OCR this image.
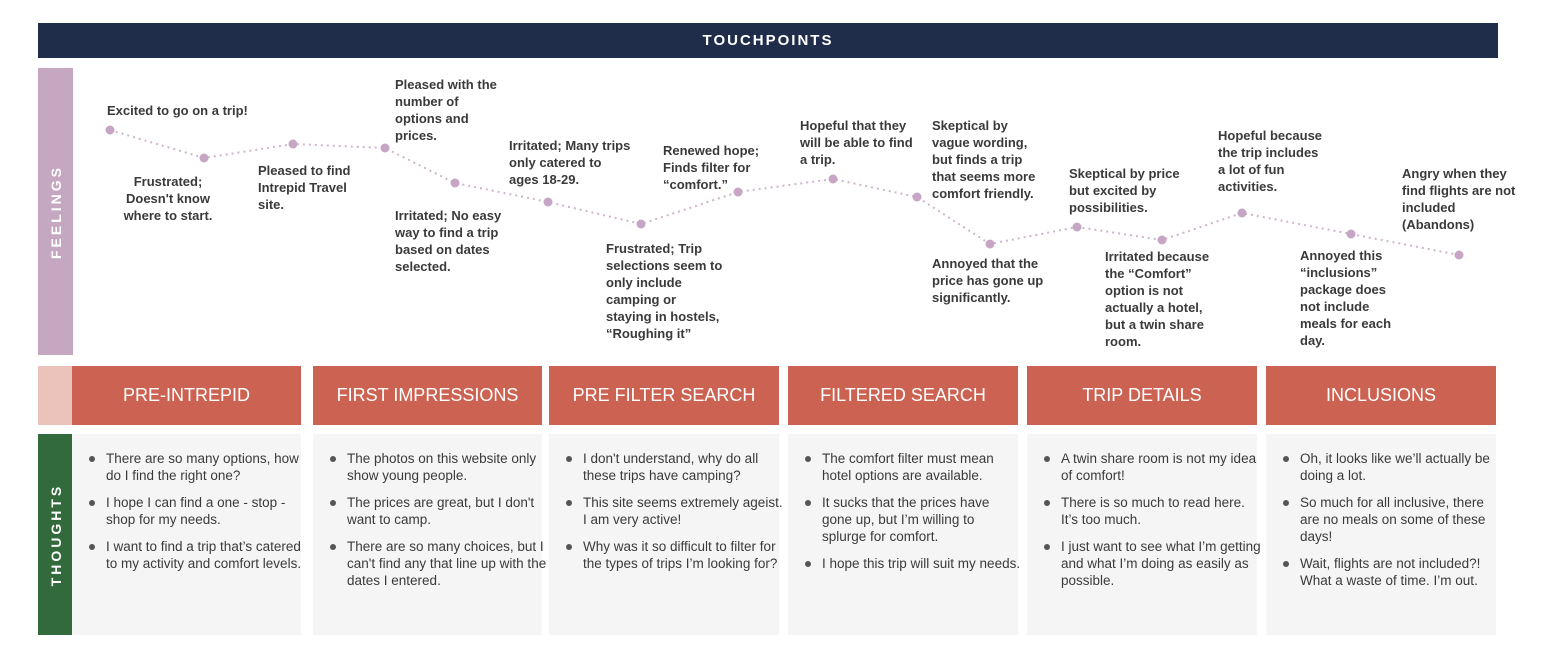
TOUCHPOINTS
FEELINGS
THOUGHTS
Excited to go on a trip!
Frustrated; Doesn't know where to start.
Pleased to find Intrepid Travel site.
Pleased with the number of options and prices.
Irritated; No easy way to find a trip based on dates selected.
Irritated; Many trips only catered to ages 18-29.
Frustrated; Trip selections seem to only include camping or staying in hostels, “Roughing it”
Renewed hope; Finds filter for “comfort.”
Hopeful that they will be able to find a trip.
Skeptical by vague wording, but finds a trip that seems more comfort friendly.
Annoyed that the price has gone up significantly.
Skeptical by price but excited by possibilities.
Irritated because the “Comfort” option is not actually a hotel, but a twin share room.
Hopeful because the trip includes a lot of fun activities.
Annoyed this “inclusions” package does not include meals for each day.
Angry when they find flights are not included (Abandons)
PRE-INTREPID	FIRST IMPRESSIONS	PRE FILTER SEARCH	FILTERED SEARCH	TRIP DETAILS	INCLUSIONS
There are so many options, how do I find the right one?
I hope I can find a one - stop - shop for my needs.
I want to find a trip that’s catered to my activity and comfort levels.
The photos on this website only show young people.
The prices are great, but I don't want to camp.
There are so many choices, but I can't find any that line up with the dates I entered.
I don't understand, why do all these trips have camping?
This site seems extremely ageist. I am very active!
Why was it so difficult to filter for the types of trips I’m looking for?
The comfort filter must mean hotel options are available.
It sucks that the prices have gone up, but I’m willing to splurge for comfort.
I hope this trip will suit my needs.
A twin share room is not my idea of comfort!
There is so much to read here. It’s too much.
I just want to see what I’m getting and what I’m doing as easily as possible.
Oh, it looks like we’ll actually be doing a lot.
So much for all inclusive, there are no meals on some of these days!
Wait, flights are not included?! What a waste of time. I’m out.
